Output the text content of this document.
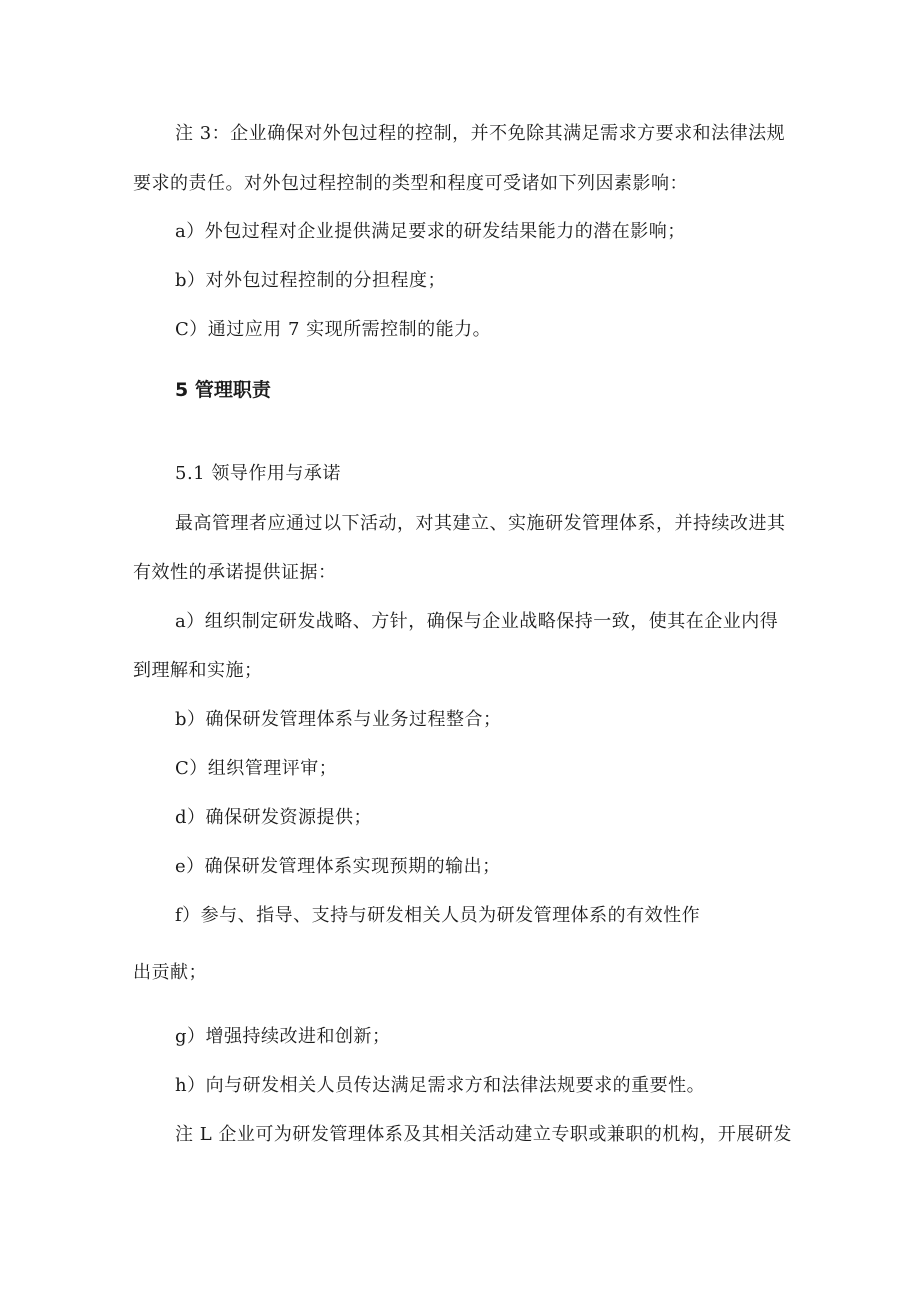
注 3：企业确保对外包过程的控制，并不免除其满足需求方要求和法律法规
要求的责任。对外包过程控制的类型和程度可受诸如下列因素影响：
a）外包过程对企业提供满足要求的研发结果能力的潜在影响；
b）对外包过程控制的分担程度；
C）通过应用 7 实现所需控制的能力。
5 管理职责
5.1 领导作用与承诺
最高管理者应通过以下活动，对其建立、实施研发管理体系，并持续改进其
有效性的承诺提供证据：
a）组织制定研发战略、方针，确保与企业战略保持一致，使其在企业内得
到理解和实施；
b）确保研发管理体系与业务过程整合；
C）组织管理评审；
d）确保研发资源提供；
e）确保研发管理体系实现预期的输出；
f）参与、指导、支持与研发相关人员为研发管理体系的有效性作
出贡献；
g）增强持续改进和创新；
h）向与研发相关人员传达满足需求方和法律法规要求的重要性。
注 L 企业可为研发管理体系及其相关活动建立专职或兼职的机构，开展研发
